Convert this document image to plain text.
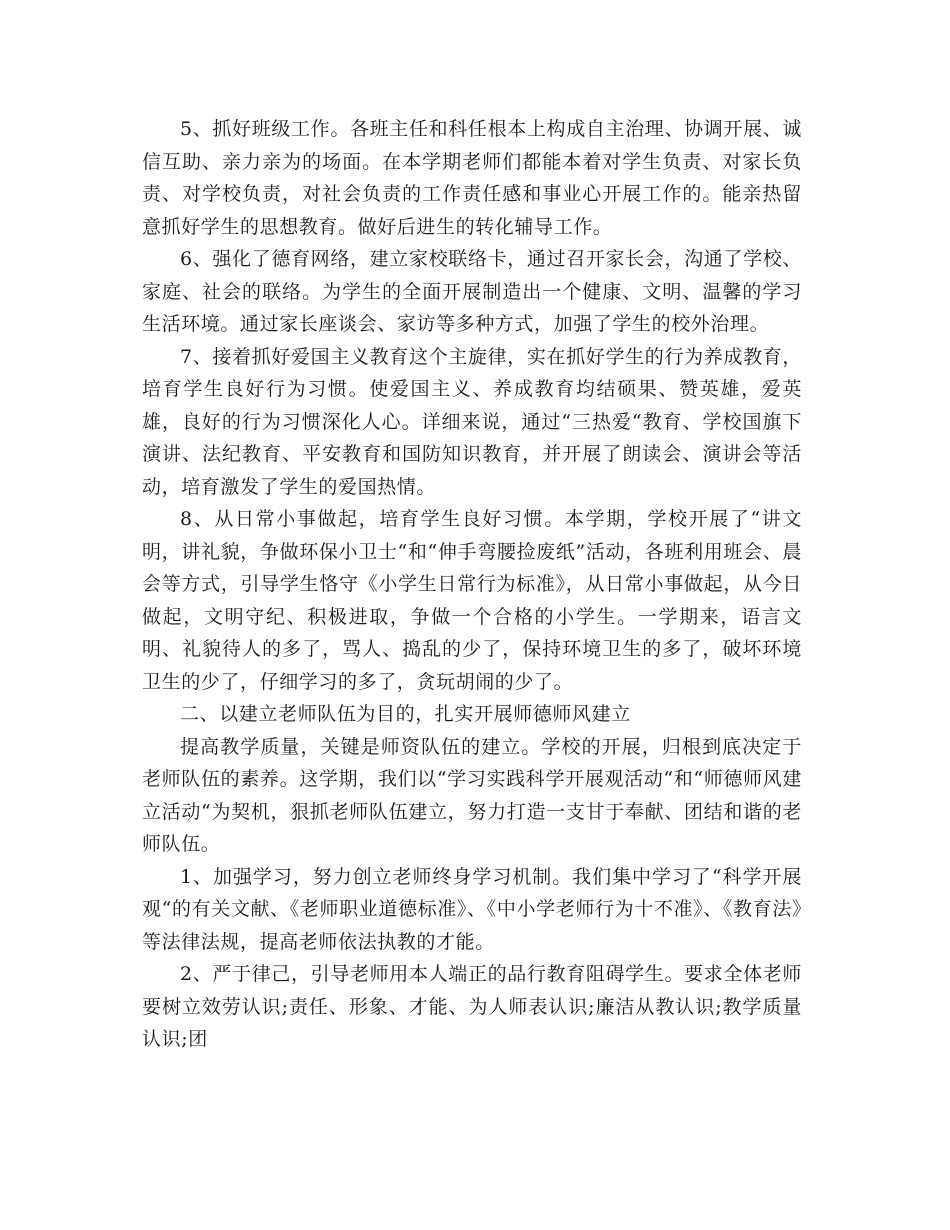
5、抓好班级工作。各班主任和科任根本上构成自主治理、协调开展、诚信互助、亲力亲为的场面。在本学期老师们都能本着对学生负责、对家长负责、对学校负责，对社会负责的工作责任感和事业心开展工作的。能亲热留意抓好学生的思想教育。做好后进生的转化辅导工作。

6、强化了德育网络，建立家校联络卡，通过召开家长会，沟通了学校、家庭、社会的联络。为学生的全面开展制造出一个健康、文明、温馨的学习生活环境。通过家长座谈会、家访等多种方式，加强了学生的校外治理。

7、接着抓好爱国主义教育这个主旋律，实在抓好学生的行为养成教育，培育学生良好行为习惯。使爱国主义、养成教育均结硕果、赞英雄，爱英雄，良好的行为习惯深化人心。详细来说，通过“三热爱“教育、学校国旗下演讲、法纪教育、平安教育和国防知识教育，并开展了朗读会、演讲会等活动，培育激发了学生的爱国热情。

8、从日常小事做起，培育学生良好习惯。本学期，学校开展了“讲文明，讲礼貌，争做环保小卫士“和“伸手弯腰捡废纸”活动，各班利用班会、晨会等方式，引导学生恪守《小学生日常行为标准》，从日常小事做起，从今日做起，文明守纪、积极进取，争做一个合格的小学生。一学期来，语言文明、礼貌待人的多了，骂人、捣乱的少了，保持环境卫生的多了，破坏环境卫生的少了，仔细学习的多了，贪玩胡闹的少了。

二、以建立老师队伍为目的，扎实开展师德师风建立

提高教学质量，关键是师资队伍的建立。学校的开展，归根到底决定于老师队伍的素养。这学期，我们以“学习实践科学开展观活动“和“师德师风建立活动“为契机，狠抓老师队伍建立，努力打造一支甘于奉献、团结和谐的老师队伍。

1、加强学习，努力创立老师终身学习机制。我们集中学习了“科学开展观“的有关文献、《老师职业道德标准》、《中小学老师行为十不准》、《教育法》等法律法规，提高老师依法执教的才能。

2、严于律己，引导老师用本人端正的品行教育阻碍学生。要求全体老师要树立效劳认识;责任、形象、才能、为人师表认识;廉洁从教认识;教学质量认识;团
